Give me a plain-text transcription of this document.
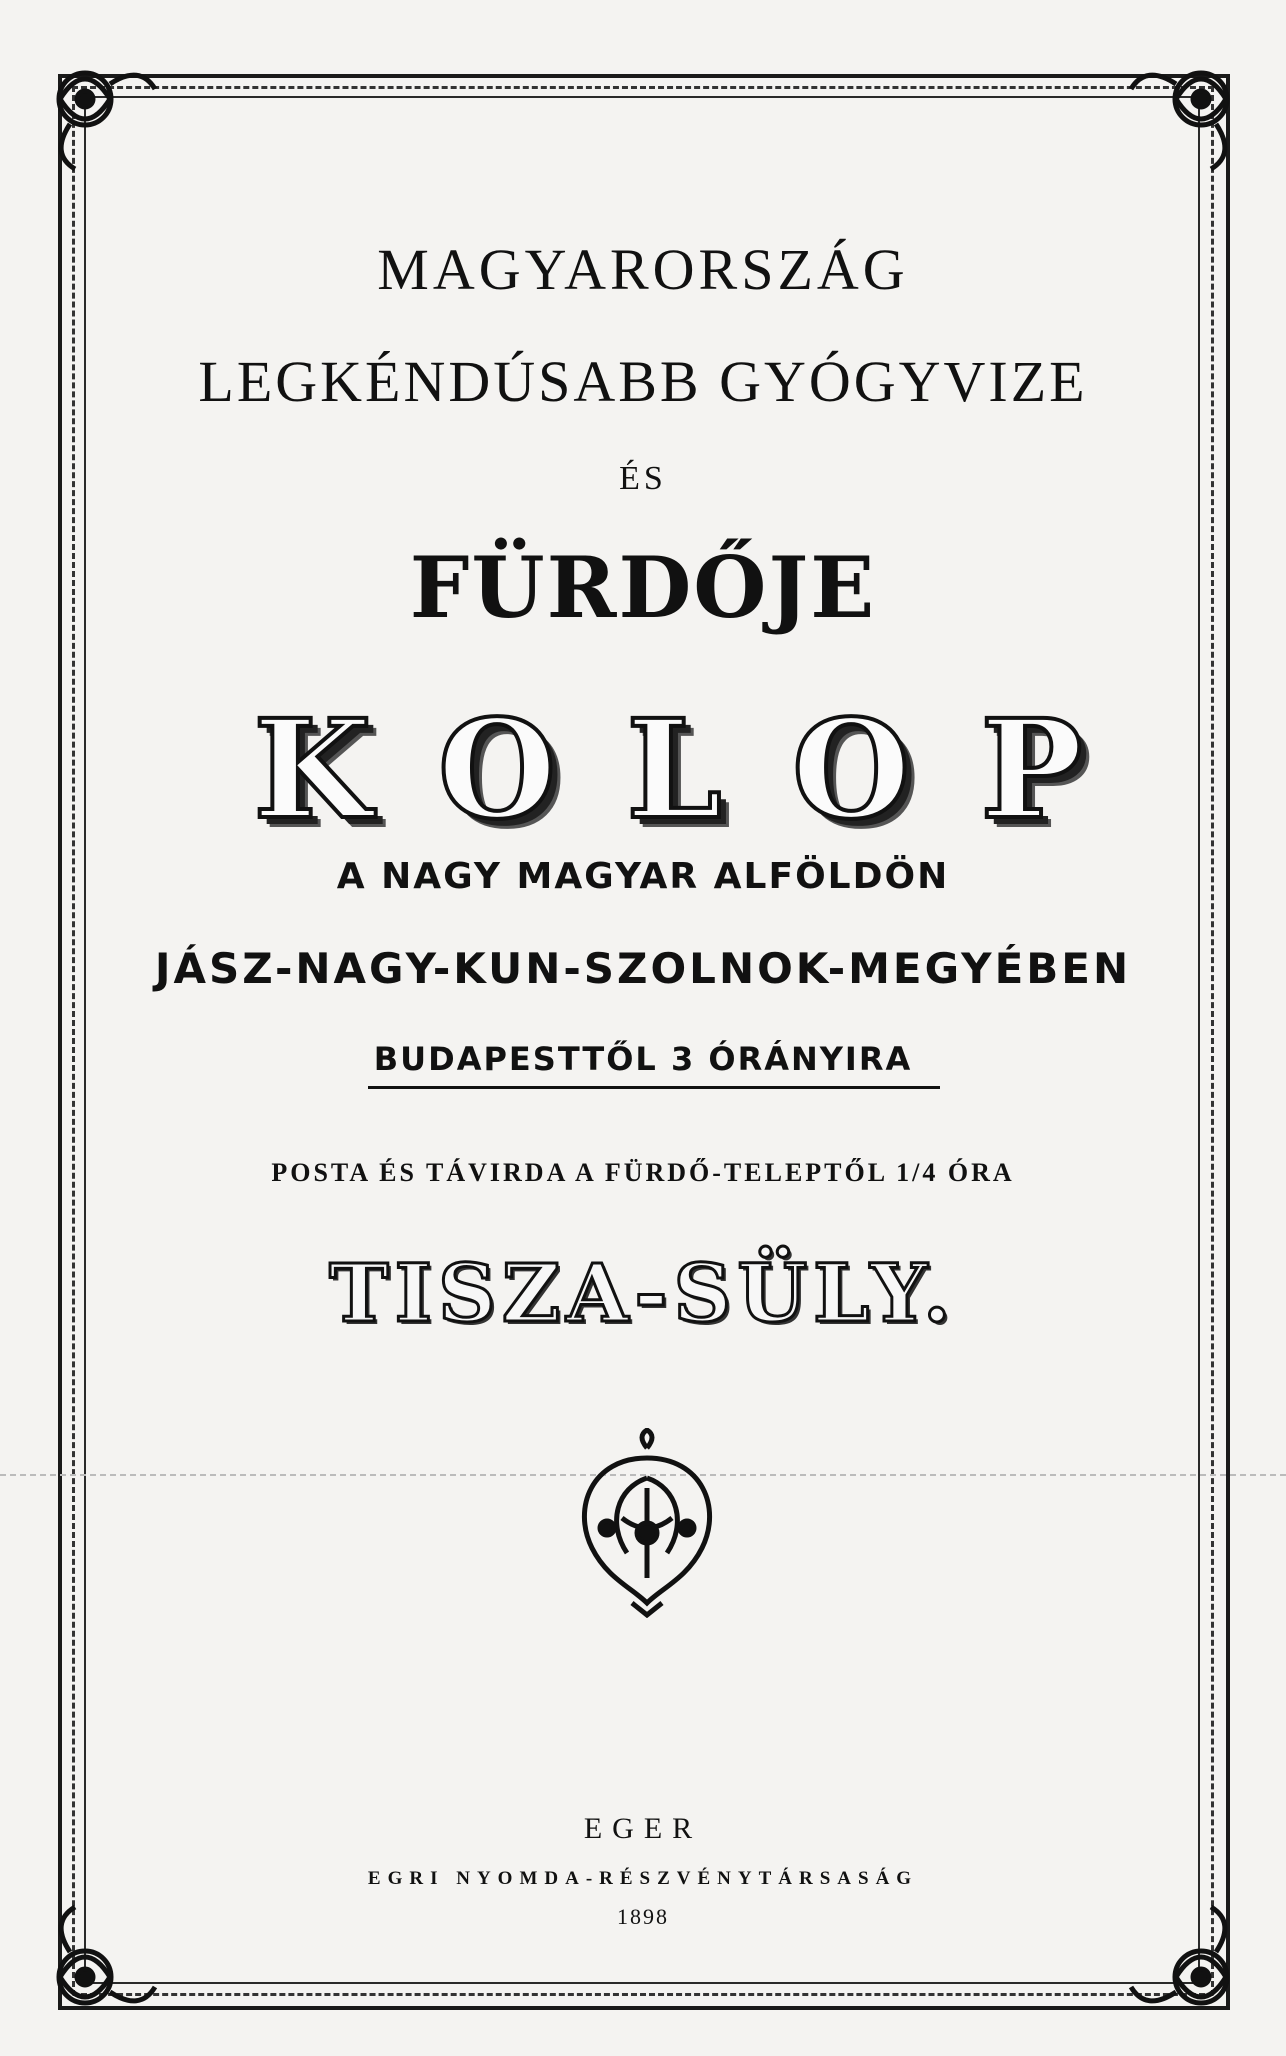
MAGYARORSZÁG

LEGKÉNDÚSABB GYÓGYVIZE

ÉS

FÜRDŐJE

KOLOP

A NAGY MAGYAR ALFÖLDÖN

JÁSZ-NAGY-KUN-SZOLNOK-MEGYÉBEN

BUDAPESTTŐL 3 ÓRÁNYIRA

POSTA ÉS TÁVIRDA A FÜRDŐ-TELEPTŐL 1/4 ÓRA

TISZA-SÜLY.

EGER

EGRI NYOMDA-RÉSZVÉNYTÁRSASÁG

1898
